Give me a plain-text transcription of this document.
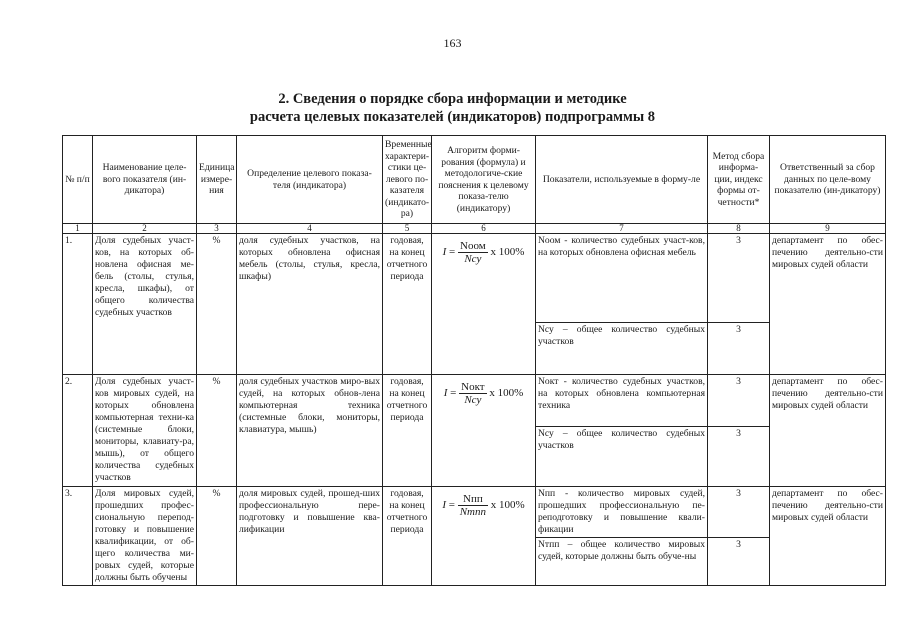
163
2. Сведения о порядке сбора информации и методике
расчета целевых показателей (индикаторов) подпрограммы 8
№ п/п	Наименование целе-вого показателя (ин-дикатора)	Единица измере-ния	Определение целевого показа-теля (индикатора)	Временные характери-стики це-левого по-казателя (индикато-ра)	Алгоритм форми-рования (формула) и методологиче-ские пояснения к целевому показа-телю (индикатору)	Показатели, используемые в форму-ле	Метод сбора информа-ции, индекс формы от-четности*	Ответственный за сбор данных по целе-вому показателю (ин-дикатору)
1	2	3	4	5	6	7	8	9
1.	Доля судебных участ-ков, на которых об-новлена офисная ме-бель (столы, стулья, кресла, шкафы), от общего количества судебных участков	%	доля судебных участков, на которых обновлена офисная мебель (столы, стулья, кресла, шкафы)	годовая, на конец отчетного периода	$I = \frac{\text{Nоом}}{\text{Nсу}}$ x 100%	Nоом - количество судебных участ-ков, на которых обновлена офисная мебель	3	департамент по обес-печению деятельно-сти мировых судей области
						Nсу – общее количество судебных участков	3	
2.	Доля судебных участ-ков мировых судей, на которых обновлена компьютерная техни-ка (системные блоки, мониторы, клавиату-ра, мышь), от общего количества судебных участков	%	доля судебных участков миро-вых судей, на которых обнов-лена компьютерная техника (системные блоки, мониторы, клавиатура, мышь)	годовая, на конец отчетного периода	$I = \frac{\text{Nокт}}{\text{Nсу}}$ x 100%	Nокт - количество судебных участков, на которых обновлена компьютерная техника	3	департамент по обес-печению деятельно-сти мировых судей области
						Nсу – общее количество судебных участков	3	
3.	Доля мировых судей, прошедших профес-сиональную перепод-готовку и повышение квалификации, от об-щего количества ми-ровых судей, которые должны быть обучены	%	доля мировых судей, прошед-ших профессиональную пере-подготовку и повышение ква-лификации	годовая, на конец отчетного периода	$I = \frac{\text{Nпп}}{\text{Nтпп}}$ x 100%	Nпп - количество мировых судей, прошедших профессиональную пе-реподготовку и повышение квали-фикации	3	департамент по обес-печению деятельно-сти мировых судей области
						Nтпп – общее количество мировых судей, которые должны быть обуче-ны	3	
